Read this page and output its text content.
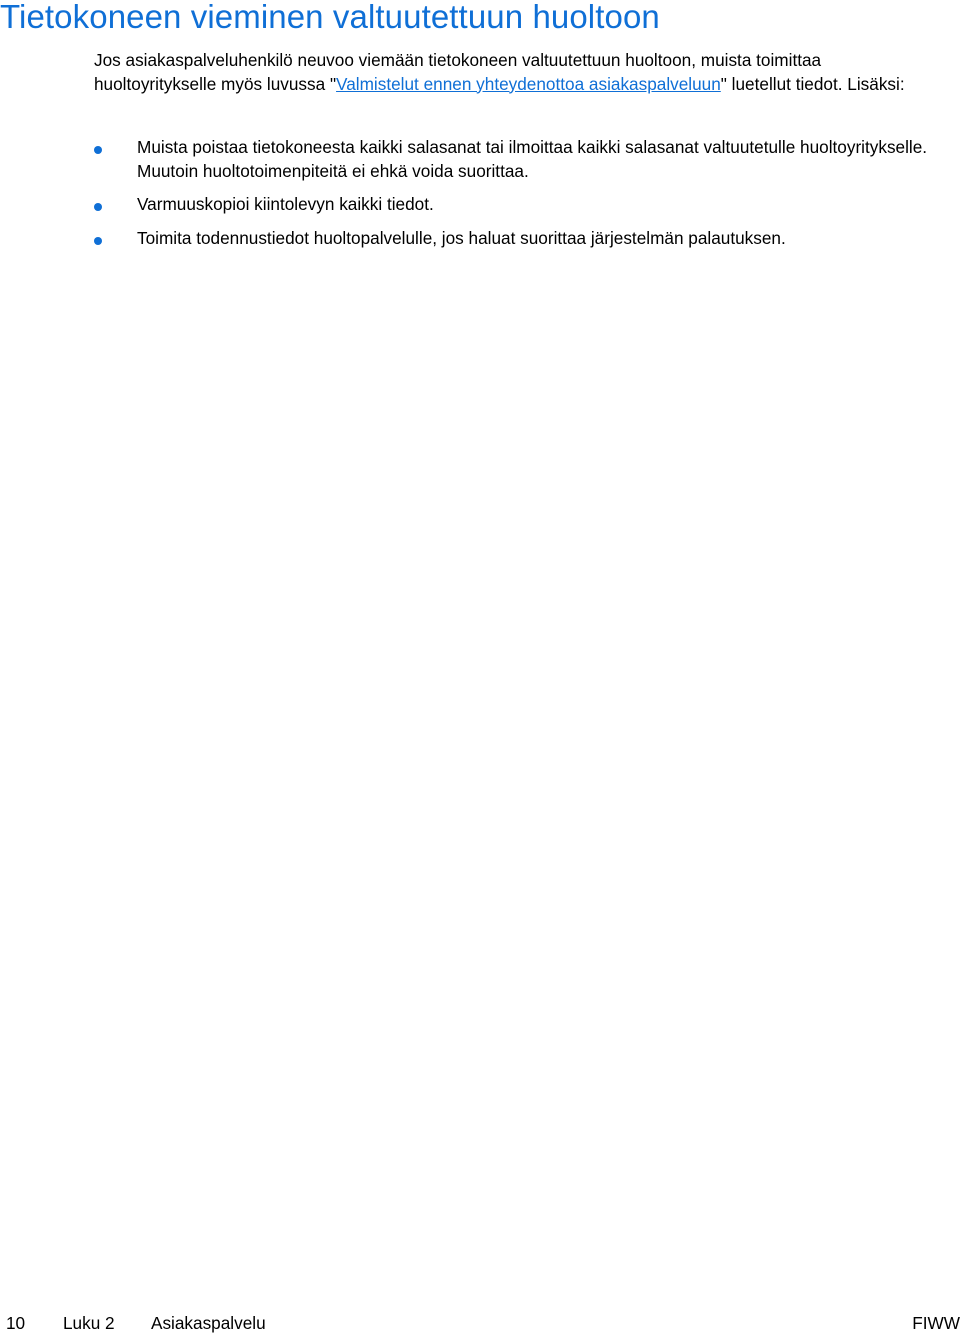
Tietokoneen vieminen valtuutettuun huoltoon

Jos asiakaspalveluhenkilö neuvoo viemään tietokoneen valtuutettuun huoltoon, muista toimittaa huoltoyritykselle myös luvussa "Valmistelut ennen yhteydenottoa asiakaspalveluun" luetellut tiedot. Lisäksi:

Muista poistaa tietokoneesta kaikki salasanat tai ilmoittaa kaikki salasanat valtuutetulle huoltoyritykselle. Muutoin huoltotoimenpiteitä ei ehkä voida suorittaa.
Varmuuskopioi kiintolevyn kaikki tiedot.
Toimita todennustiedot huoltopalvelulle, jos haluat suorittaa järjestelmän palautuksen.
10 Luku 2 Asiakaspalvelu	FIWW
